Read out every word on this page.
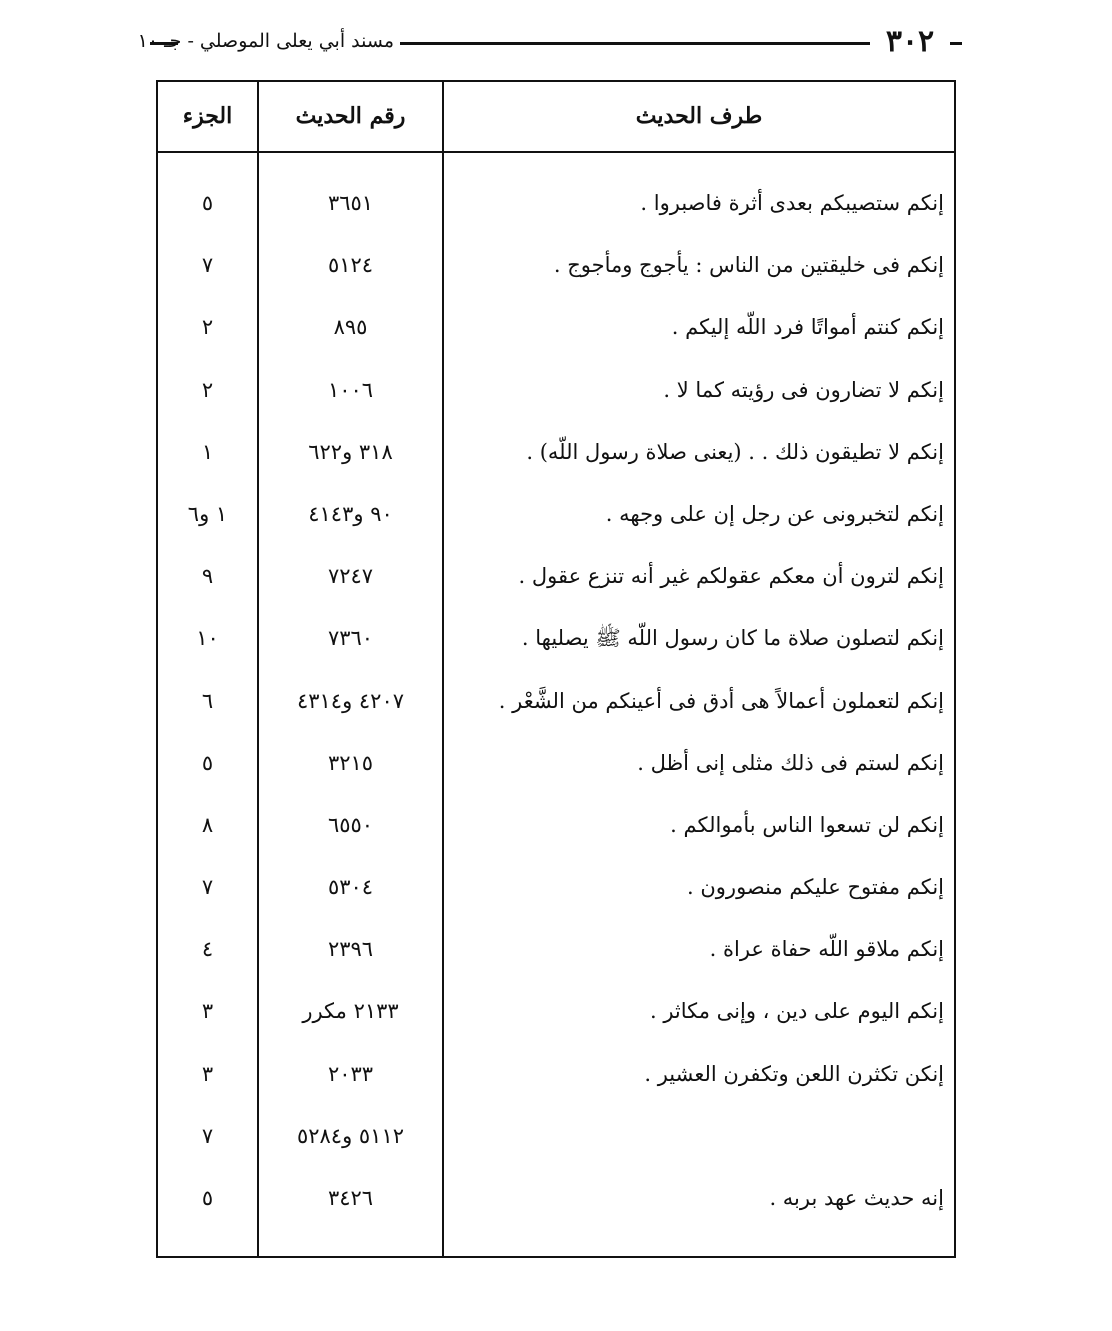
مسند أبي يعلى الموصلي - جـ ١٠	٣٠٢
طرف الحديث
رقم الحديث
الجزء
إنكم ستصيبكم بعدى أثرة فاصبروا .
٣٦٥١
٥
إنكم فى خليقتين من الناس : يأجوج ومأجوج .
٥١٢٤
٧
إنكم كنتم أمواتًا فرد اللّه إليكم .
٨٩٥
٢
إنكم لا تضارون فى رؤيته كما لا .
١٠٠٦
٢
إنكم لا تطيقون ذلك . . (يعنى صلاة رسول اللّه) .
٣١٨ و٦٢٢
١
إنكم لتخبرونى عن رجل إن على وجهه .
٩٠ و٤١٤٣
١ و٦
إنكم لترون أن معكم عقولكم غير أنه تنزع عقول .
٧٢٤٧
٩
إنكم لتصلون صلاة ما كان رسول اللّه ﷺ يصليها .
٧٣٦٠
١٠
إنكم لتعملون أعمالاً هى أدق فى أعينكم من الشَّعْر .
٤٢٠٧ و٤٣١٤
٦
إنكم لستم فى ذلك مثلى إنى أظل .
٣٢١٥
٥
إنكم لن تسعوا الناس بأموالكم .
٦٥٥٠
٨
إنكم مفتوح عليكم منصورون .
٥٣٠٤
٧
إنكم ملاقو اللّه حفاة عراة .
٢٣٩٦
٤
إنكم اليوم على دين ، وإنى مكاثر .
٢١٣٣ مكرر
٣
إنكن تكثرن اللعن وتكفرن العشير .
٢٠٣٣
٣
٥١١٢ و٥٢٨٤
٧
إنه حديث عهد بربه .
٣٤٢٦
٥
